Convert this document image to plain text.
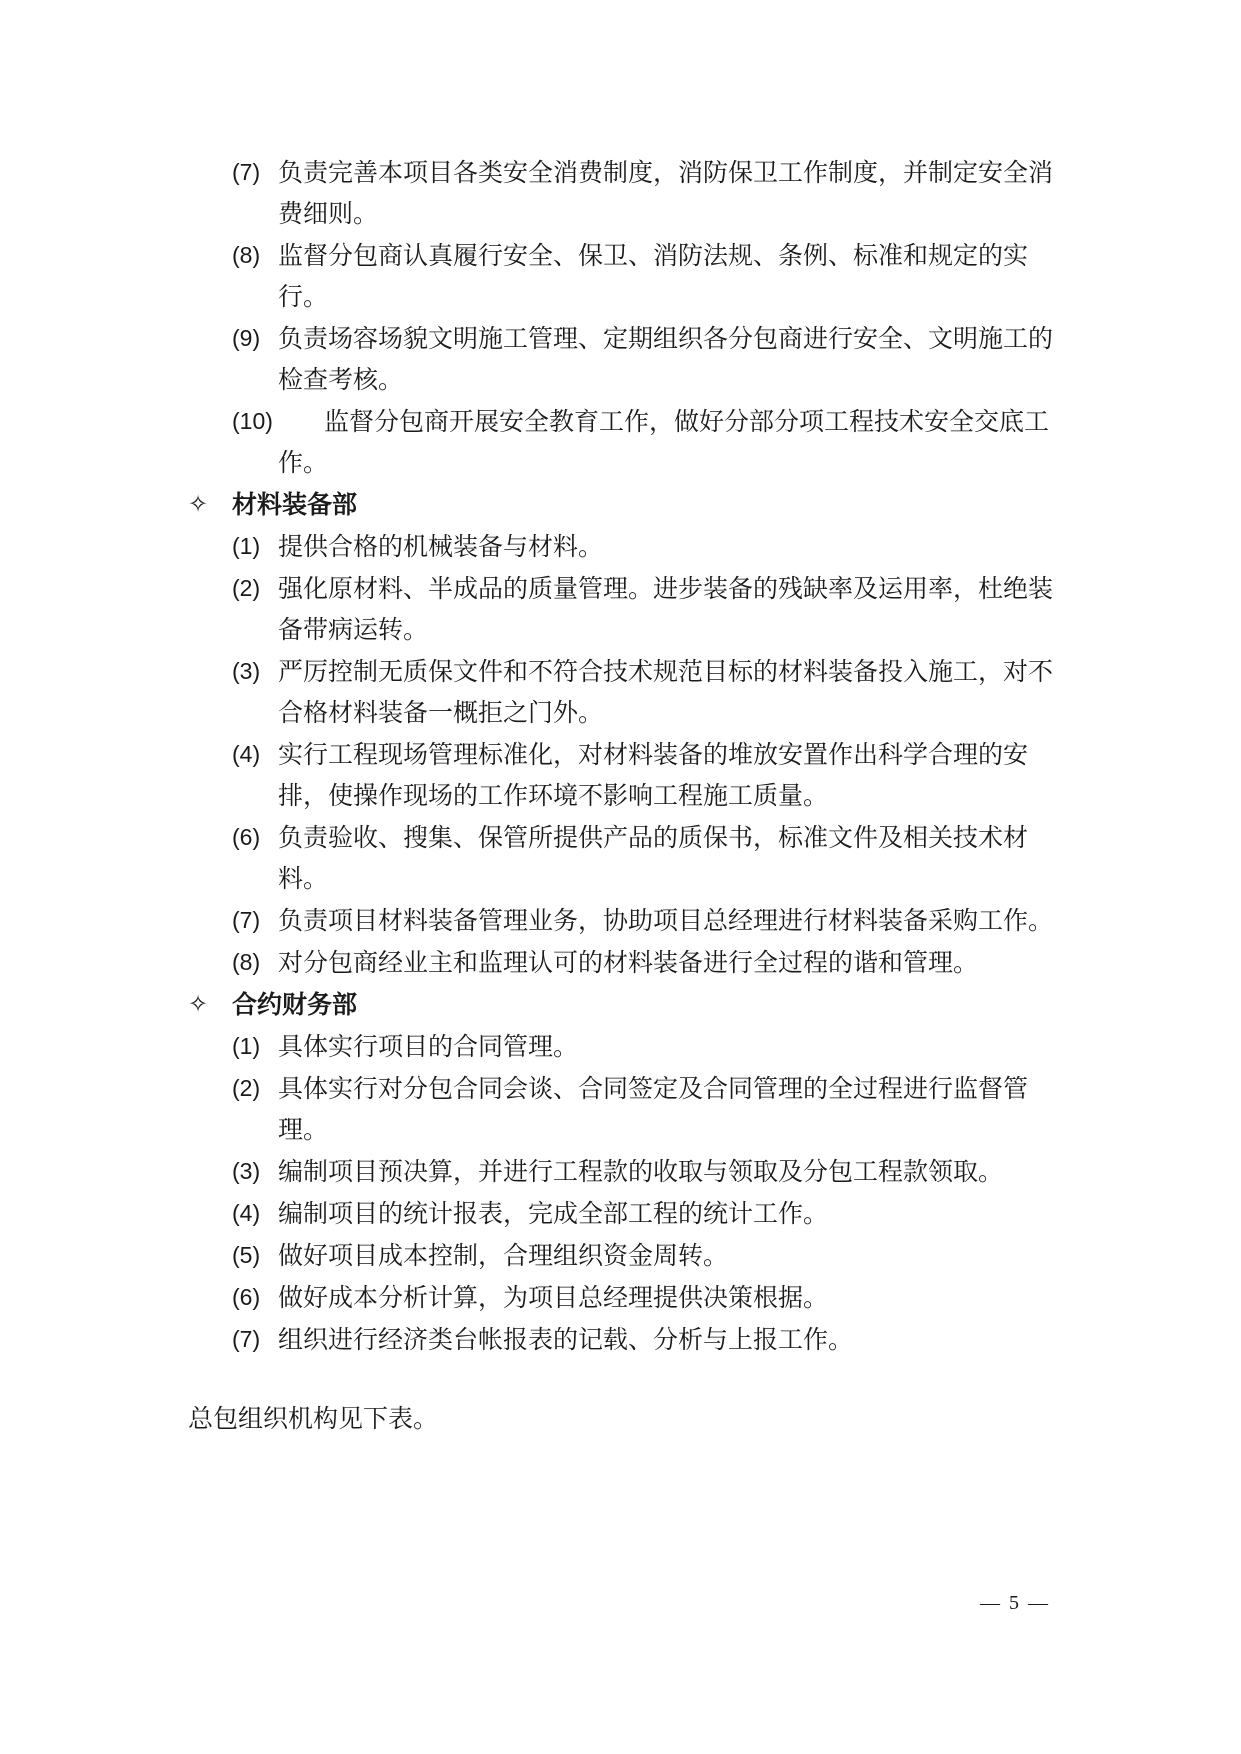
(7) 负责完善本项目各类安全消费制度，消防保卫工作制度，并制定安全消费细则。
(8) 监督分包商认真履行安全、保卫、消防法规、条例、标准和规定的实行。
(9) 负责场容场貌文明施工管理、定期组织各分包商进行安全、文明施工的检查考核。
(10)	监督分包商开展安全教育工作，做好分部分项工程技术安全交底工作。
✧ 材料装备部
(1) 提供合格的机械装备与材料。
(2) 强化原材料、半成品的质量管理。进步装备的残缺率及运用率，杜绝装备带病运转。
(3) 严厉控制无质保文件和不符合技术规范目标的材料装备投入施工，对不合格材料装备一概拒之门外。
(4) 实行工程现场管理标准化，对材料装备的堆放安置作出科学合理的安排，使操作现场的工作环境不影响工程施工质量。
(6) 负责验收、搜集、保管所提供产品的质保书，标准文件及相关技术材料。
(7) 负责项目材料装备管理业务，协助项目总经理进行材料装备采购工作。
(8) 对分包商经业主和监理认可的材料装备进行全过程的谐和管理。
✧ 合约财务部
(1) 具体实行项目的合同管理。
(2) 具体实行对分包合同会谈、合同签定及合同管理的全过程进行监督管理。
(3) 编制项目预决算，并进行工程款的收取与领取及分包工程款领取。
(4) 编制项目的统计报表，完成全部工程的统计工作。
(5) 做好项目成本控制，合理组织资金周转。
(6) 做好成本分析计算，为项目总经理提供决策根据。
(7) 组织进行经济类台帐报表的记载、分析与上报工作。
总包组织机构见下表。
— 5 —
